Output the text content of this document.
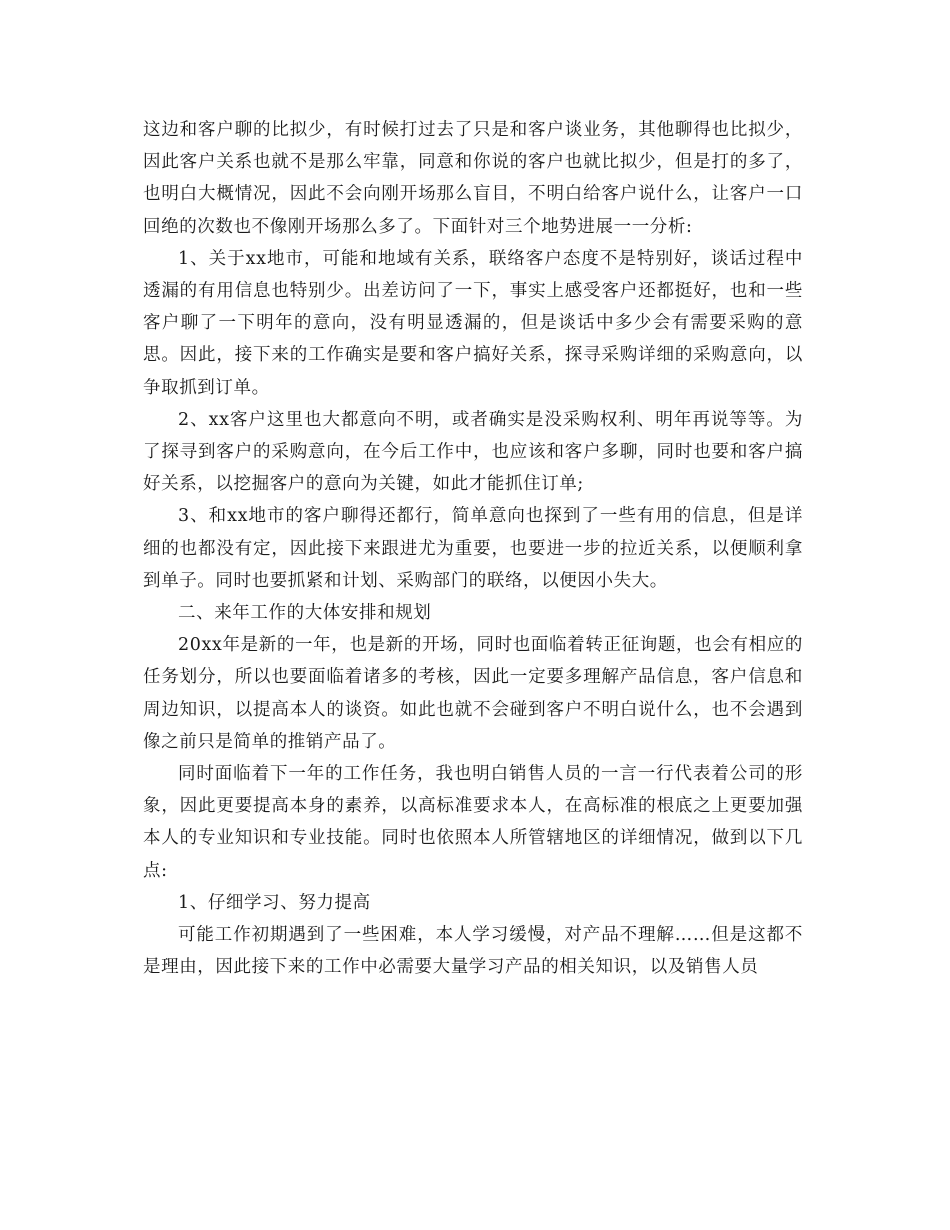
这边和客户聊的比拟少，有时候打过去了只是和客户谈业务，其他聊得也比拟少，因此客户关系也就不是那么牢靠，同意和你说的客户也就比拟少，但是打的多了，也明白大概情况，因此不会向刚开场那么盲目，不明白给客户说什么，让客户一口回绝的次数也不像刚开场那么多了。下面针对三个地势进展一一分析:

1、关于xx地市，可能和地域有关系，联络客户态度不是特别好，谈话过程中透漏的有用信息也特别少。出差访问了一下，事实上感受客户还都挺好，也和一些客户聊了一下明年的意向，没有明显透漏的，但是谈话中多少会有需要采购的意思。因此，接下来的工作确实是要和客户搞好关系，探寻采购详细的采购意向，以争取抓到订单。

2、xx客户这里也大都意向不明，或者确实是没采购权利、明年再说等等。为了探寻到客户的采购意向，在今后工作中，也应该和客户多聊，同时也要和客户搞好关系，以挖掘客户的意向为关键，如此才能抓住订单;

3、和xx地市的客户聊得还都行，简单意向也探到了一些有用的信息，但是详细的也都没有定，因此接下来跟进尤为重要，也要进一步的拉近关系，以便顺利拿到单子。同时也要抓紧和计划、采购部门的联络，以便因小失大。

二、来年工作的大体安排和规划

20xx年是新的一年，也是新的开场，同时也面临着转正征询题，也会有相应的任务划分，所以也要面临着诸多的考核，因此一定要多理解产品信息，客户信息和周边知识，以提高本人的谈资。如此也就不会碰到客户不明白说什么，也不会遇到像之前只是简单的推销产品了。

同时面临着下一年的工作任务，我也明白销售人员的一言一行代表着公司的形象，因此更要提高本身的素养，以高标准要求本人，在高标准的根底之上更要加强本人的专业知识和专业技能。同时也依照本人所管辖地区的详细情况，做到以下几点:

1、仔细学习、努力提高

可能工作初期遇到了一些困难，本人学习缓慢，对产品不理解……但是这都不是理由，因此接下来的工作中必需要大量学习产品的相关知识，以及销售人员
